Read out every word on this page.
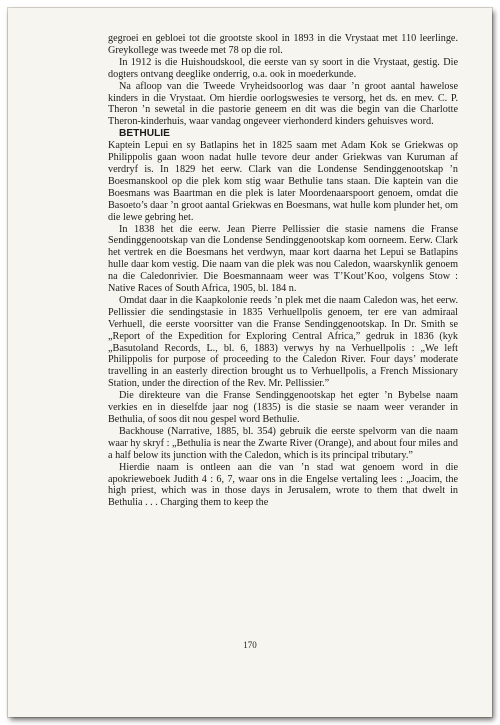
gegroei en gebloei tot die grootste skool in 1893 in die Vrystaat met 110 leerlinge. Greykollege was tweede met 78 op die rol.

In 1912 is die Huishoudskool, die eerste van sy soort in die Vrystaat, gestig. Die dogters ontvang deeglike onderrig, o.a. ook in moederkunde.

Na afloop van die Tweede Vryheidsoorlog was daar ’n groot aantal hawelose kinders in die Vrystaat. Om hierdie oorlogswesies te versorg, het ds. en mev. C. P. Theron ’n sewetal in die pastorie geneem en dit was die begin van die Charlotte Theron-kinderhuis, waar vandag ongeveer vierhonderd kinders gehuisves word.

BETHULIE

Kaptein Lepui en sy Batlapins het in 1825 saam met Adam Kok se Griekwas op Philippolis gaan woon nadat hulle tevore deur ander Griekwas van Kuruman af verdryf is. In 1829 het eerw. Clark van die Londense Sendinggenootskap ’n Boesmanskool op die plek kom stig waar Bethulie tans staan. Die kaptein van die Boesmans was Baartman en die plek is later Moordenaarspoort genoem, omdat die Basoeto’s daar ’n groot aantal Griekwas en Boesmans, wat hulle kom plunder het, om die lewe gebring het.

In 1838 het die eerw. Jean Pierre Pellissier die stasie namens die Franse Sendinggenootskap van die Londense Sendinggenootskap kom oorneem. Eerw. Clark het vertrek en die Boesmans het verdwyn, maar kort daarna het Lepui se Batlapins hulle daar kom vestig. Die naam van die plek was nou Caledon, waarskynlik genoem na die Caledonrivier. Die Boesmannaam weer was T’Kout’Koo, volgens Stow : Native Races of South Africa, 1905, bl. 184 n.

Omdat daar in die Kaapkolonie reeds ’n plek met die naam Caledon was, het eerw. Pellissier die sendingstasie in 1835 Verhuellpolis genoem, ter ere van admiraal Verhuell, die eerste voorsitter van die Franse Sendinggenootskap. In Dr. Smith se „Report of the Expedition for Exploring Central Africa,” gedruk in 1836 (kyk „Basutoland Records, L., bl. 6, 1883) verwys hy na Verhuellpolis : „We left Philippolis for purpose of proceeding to the Caledon River. Four days’ moderate travelling in an easterly direction brought us to Verhuellpolis, a French Missionary Station, under the direction of the Rev. Mr. Pellissier.”

Die direkteure van die Franse Sendinggenootskap het egter ’n Bybelse naam verkies en in dieselfde jaar nog (1835) is die stasie se naam weer verander in Bethulia, of soos dit nou gespel word Bethulie.

Backhouse (Narrative, 1885, bl. 354) gebruik die eerste spelvorm van die naam waar hy skryf : „Bethulia is near the Zwarte River (Orange), and about four miles and a half below its junction with the Caledon, which is its principal tributary.”

Hierdie naam is ontleen aan die van ’n stad wat genoem word in die apokrieweboek Judith 4 : 6, 7, waar ons in die Engelse vertaling lees : „Joacim, the high priest, which was in those days in Jerusalem, wrote to them that dwelt in Bethulia . . . Charging them to keep the

170
